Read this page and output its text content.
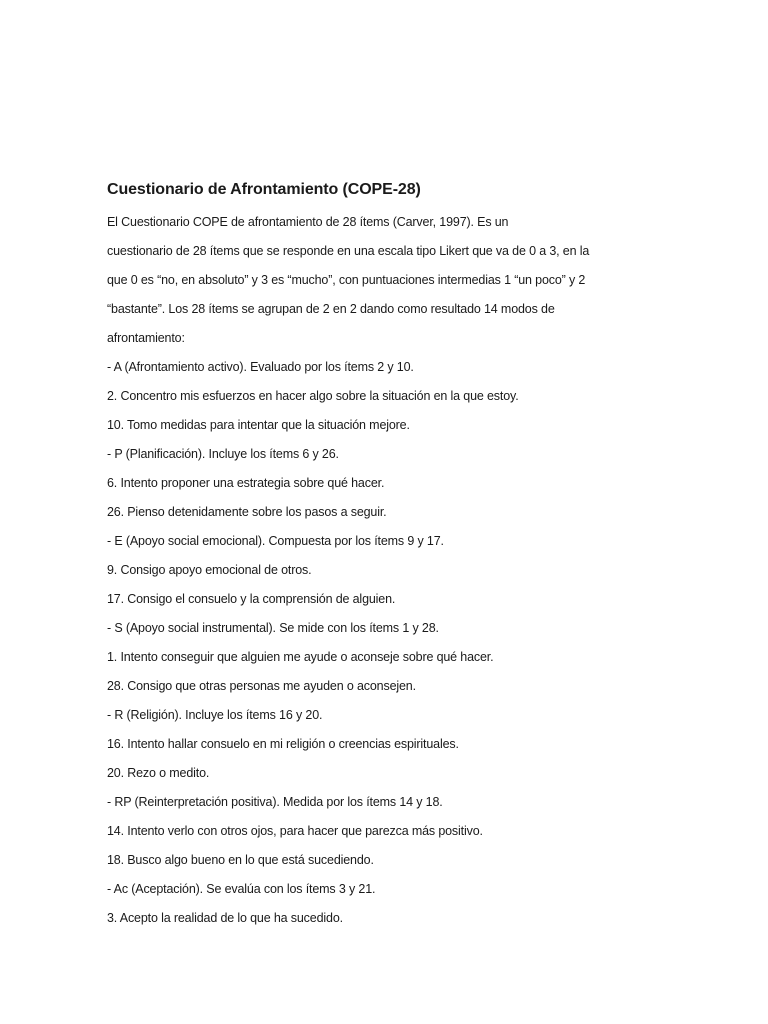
Cuestionario de Afrontamiento (COPE-28)
El Cuestionario COPE de afrontamiento de 28 ítems (Carver, 1997). Es un
cuestionario de 28 ítems que se responde en una escala tipo Likert que va de 0 a 3, en la
que 0 es “no, en absoluto” y 3 es “mucho”, con puntuaciones intermedias 1 “un poco” y 2
“bastante”. Los 28 ítems se agrupan de 2 en 2 dando como resultado 14 modos de
afrontamiento:
- A (Afrontamiento activo). Evaluado por los ítems 2 y 10.
2. Concentro mis esfuerzos en hacer algo sobre la situación en la que estoy.
10. Tomo medidas para intentar que la situación mejore.
- P (Planificación). Incluye los ítems 6 y 26.
6. Intento proponer una estrategia sobre qué hacer.
26. Pienso detenidamente sobre los pasos a seguir.
- E (Apoyo social emocional). Compuesta por los ítems 9 y 17.
9. Consigo apoyo emocional de otros.
17. Consigo el consuelo y la comprensión de alguien.
- S (Apoyo social instrumental). Se mide con los ítems 1 y 28.
1. Intento conseguir que alguien me ayude o aconseje sobre qué hacer.
28. Consigo que otras personas me ayuden o aconsejen.
- R (Religión). Incluye los ítems 16 y 20.
16. Intento hallar consuelo en mi religión o creencias espirituales.
20. Rezo o medito.
- RP (Reinterpretación positiva). Medida por los ítems 14 y 18.
14. Intento verlo con otros ojos, para hacer que parezca más positivo.
18. Busco algo bueno en lo que está sucediendo.
- Ac (Aceptación). Se evalúa con los ítems 3 y 21.
3. Acepto la realidad de lo que ha sucedido.
